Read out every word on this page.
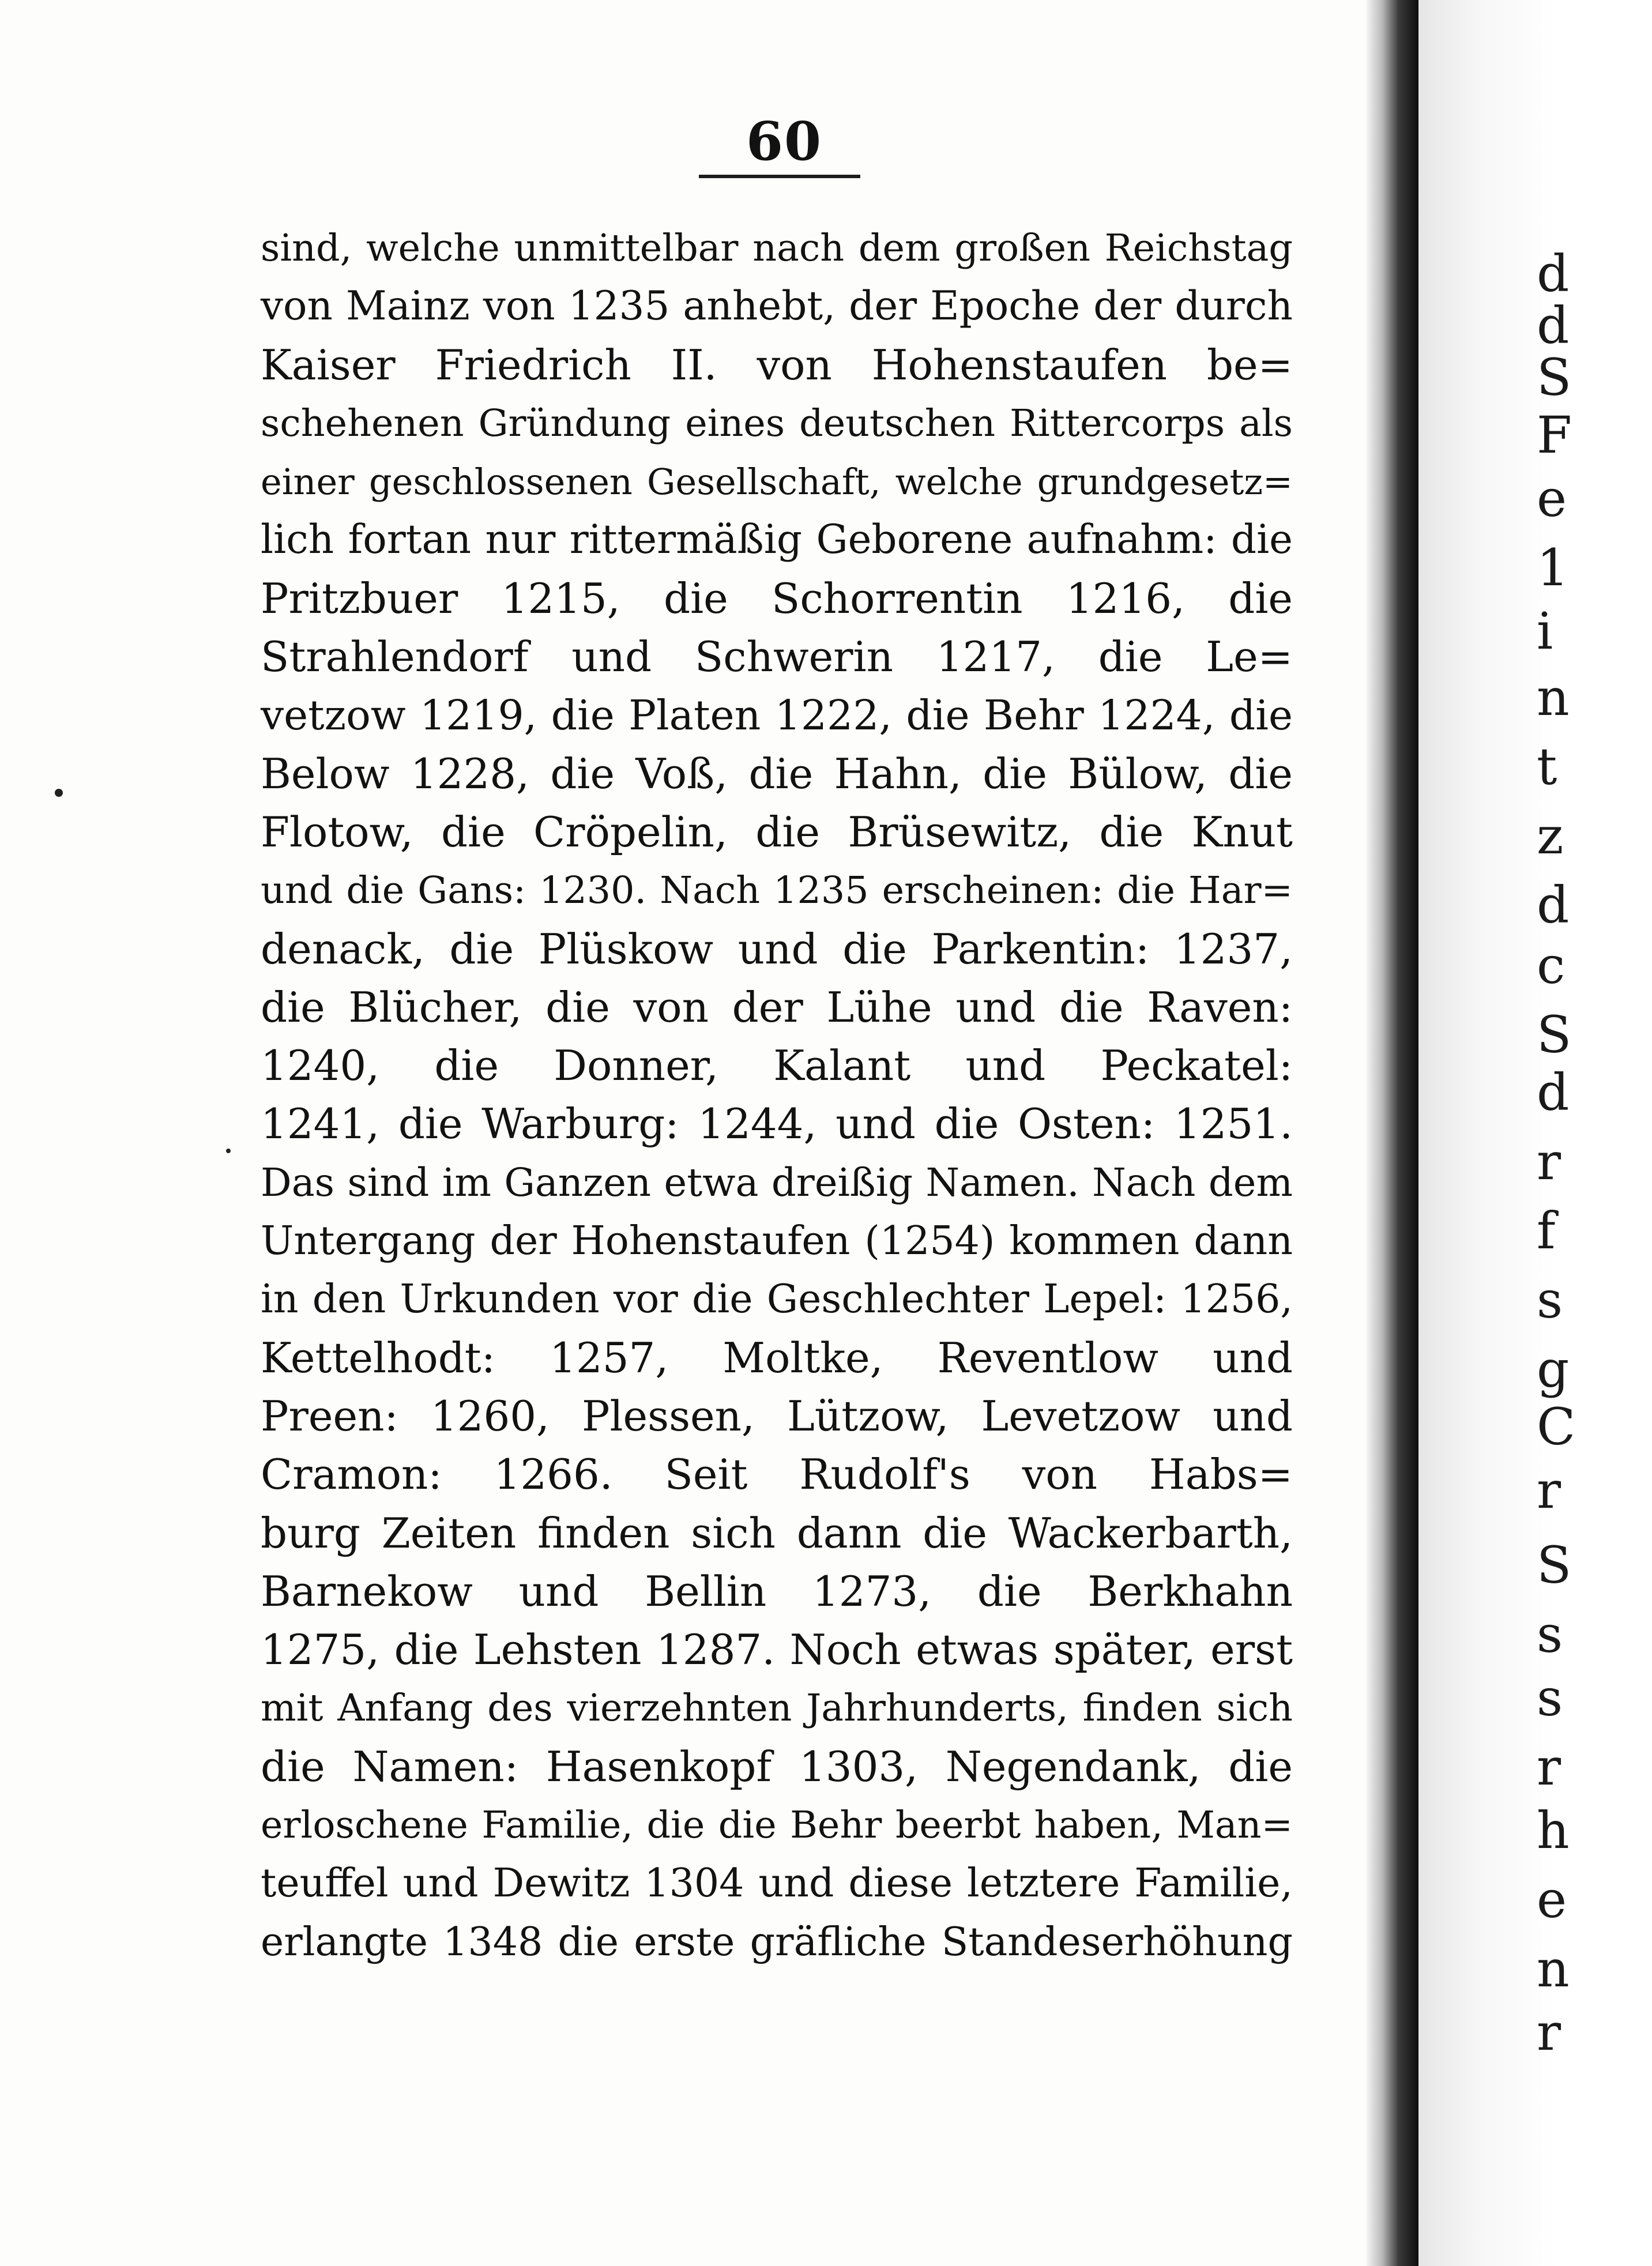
60
sind, welche unmittelbar nach dem großen Reichstag
von Mainz von 1235 anhebt, der Epoche der durch
Kaiser Friedrich II. von Hohenstaufen be=
schehenen Gründung eines deutschen Rittercorps als
einer geschlossenen Gesellschaft, welche grundgesetz=
lich fortan nur rittermäßig Geborene aufnahm: die
Pritzbuer 1215, die Schorrentin 1216, die
Strahlendorf und Schwerin 1217, die Le=
vetzow 1219, die Platen 1222, die Behr 1224, die
Below 1228, die Voß, die Hahn, die Bülow, die
Flotow, die Cröpelin, die Brüsewitz, die Knut
und die Gans: 1230. Nach 1235 erscheinen: die Har=
denack, die Plüskow und die Parkentin: 1237,
die Blücher, die von der Lühe und die Raven:
1240, die Donner, Kalant und Peckatel:
1241, die Warburg: 1244, und die Osten: 1251.
Das sind im Ganzen etwa dreißig Namen. Nach dem
Untergang der Hohenstaufen (1254) kommen dann
in den Urkunden vor die Geschlechter Lepel: 1256,
Kettelhodt: 1257, Moltke, Reventlow und
Preen: 1260, Plessen, Lützow, Levetzow und
Cramon: 1266. Seit Rudolf's von Habs=
burg Zeiten finden sich dann die Wackerbarth,
Barnekow und Bellin 1273, die Berkhahn
1275, die Lehsten 1287. Noch etwas später, erst
mit Anfang des vierzehnten Jahrhunderts, finden sich
die Namen: Hasenkopf 1303, Negendank, die
erloschene Familie, die die Behr beerbt haben, Man=
teuffel und Dewitz 1304 und diese letztere Familie,
erlangte 1348 die erste gräfliche Standeserhöhung
d
d
S
F
e
1
i
n
t
z
d
c
S
d
r
f
s
g
C
r
S
s
s
r
h
e
n
r
